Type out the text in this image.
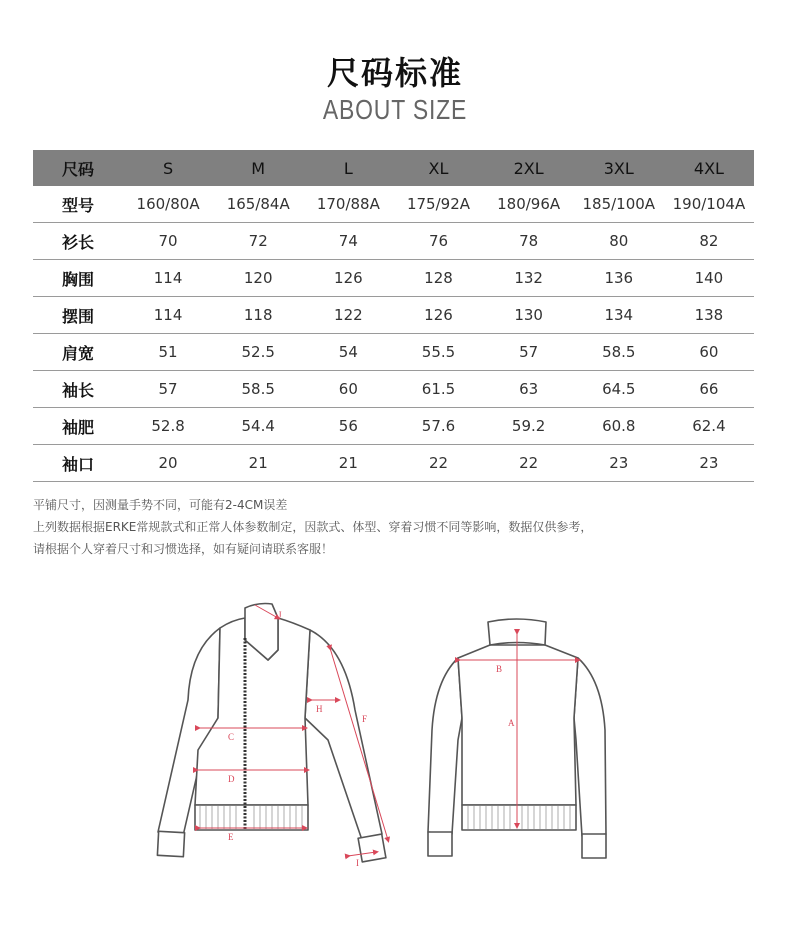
尺码标准
ABOUT SIZE
尺码	S	M	L	XL	2XL	3XL	4XL
型号	160/80A	165/84A	170/88A	175/92A	180/96A	185/100A	190/104A
衫长	70	72	74	76	78	80	82
胸围	114	120	126	128	132	136	140
摆围	114	118	122	126	130	134	138
肩宽	51	52.5	54	55.5	57	58.5	60
袖长	57	58.5	60	61.5	63	64.5	66
袖肥	52.8	54.4	56	57.6	59.2	60.8	62.4
袖口	20	21	21	22	22	23	23
平铺尺寸，因测量手势不同，可能有2-4CM误差
上列数据根据ERKE常规款式和正常人体参数制定，因款式、体型、穿着习惯不同等影响，数据仅供参考，
请根据个人穿着尺寸和习惯选择，如有疑问请联系客服！
C
D
E
H
F
I
J
B
A
